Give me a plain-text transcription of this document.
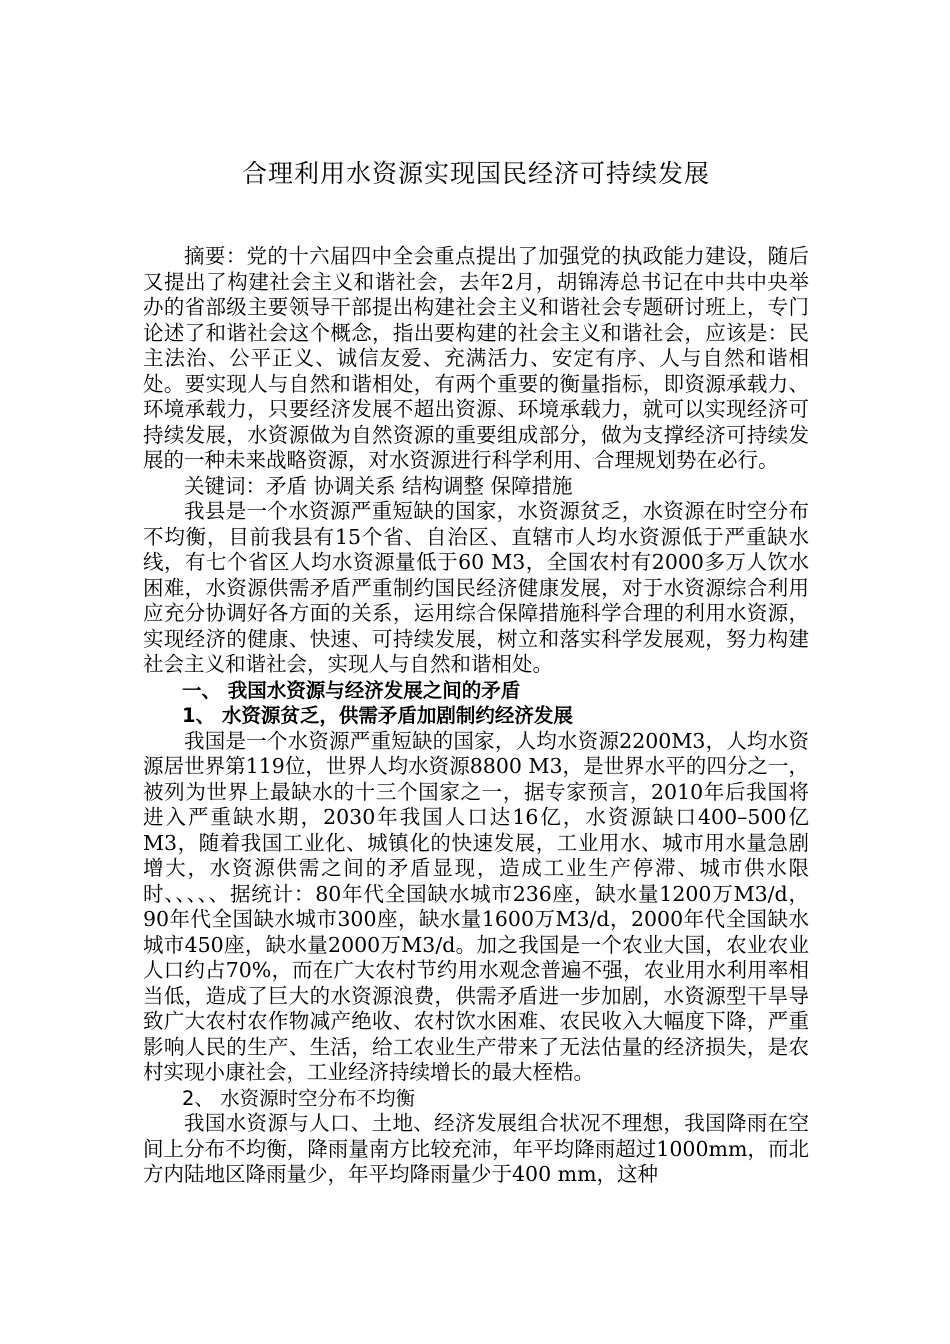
合理利用水资源实现国民经济可持续发展

摘要：党的十六届四中全会重点提出了加强党的执政能力建设，随后又提出了构建社会主义和谐社会，去年2月，胡锦涛总书记在中共中央举办的省部级主要领导干部提出构建社会主义和谐社会专题研讨班上，专门论述了和谐社会这个概念，指出要构建的社会主义和谐社会，应该是：民主法治、公平正义、诚信友爱、充满活力、安定有序、人与自然和谐相处。要实现人与自然和谐相处，有两个重要的衡量指标，即资源承载力、环境承载力，只要经济发展不超出资源、环境承载力，就可以实现经济可持续发展，水资源做为自然资源的重要组成部分，做为支撑经济可持续发展的一种未来战略资源，对水资源进行科学利用、合理规划势在必行。

关键词：矛盾 协调关系 结构调整 保障措施

我县是一个水资源严重短缺的国家，水资源贫乏，水资源在时空分布不均衡，目前我县有15个省、自治区、直辖市人均水资源低于严重缺水线，有七个省区人均水资源量低于60 M3，全国农村有2000多万人饮水困难，水资源供需矛盾严重制约国民经济健康发展，对于水资源综合利用应充分协调好各方面的关系，运用综合保障措施科学合理的利用水资源，实现经济的健康、快速、可持续发展，树立和落实科学发展观，努力构建社会主义和谐社会，实现人与自然和谐相处。

一、 我国水资源与经济发展之间的矛盾
1、 水资源贫乏，供需矛盾加剧制约经济发展

我国是一个水资源严重短缺的国家，人均水资源2200M3，人均水资源居世界第119位，世界人均水资源8800 M3，是世界水平的四分之一，被列为世界上最缺水的十三个国家之一，据专家预言，2010年后我国将进入严重缺水期，2030年我国人口达16亿，水资源缺口400–500亿M3，随着我国工业化、城镇化的快速发展，工业用水、城市用水量急剧增大，水资源供需之间的矛盾显现，造成工业生产停滞、城市供水限时、、、、、据统计：80年代全国缺水城市236座，缺水量1200万M3/d，90年代全国缺水城市300座，缺水量1600万M3/d，2000年代全国缺水城市450座，缺水量2000万M3/d。加之我国是一个农业大国，农业农业人口约占70%，而在广大农村节约用水观念普遍不强，农业用水利用率相当低，造成了巨大的水资源浪费，供需矛盾进一步加剧，水资源型干旱导致广大农村农作物减产绝收、农村饮水困难、农民收入大幅度下降，严重影响人民的生产、生活，给工农业生产带来了无法估量的经济损失，是农村实现小康社会，工业经济持续增长的最大桎梏。

2、 水资源时空分布不均衡

我国水资源与人口、土地、经济发展组合状况不理想，我国降雨在空间上分布不均衡，降雨量南方比较充沛，年平均降雨超过1000mm，而北方内陆地区降雨量少，年平均降雨量少于400 mm，这种
